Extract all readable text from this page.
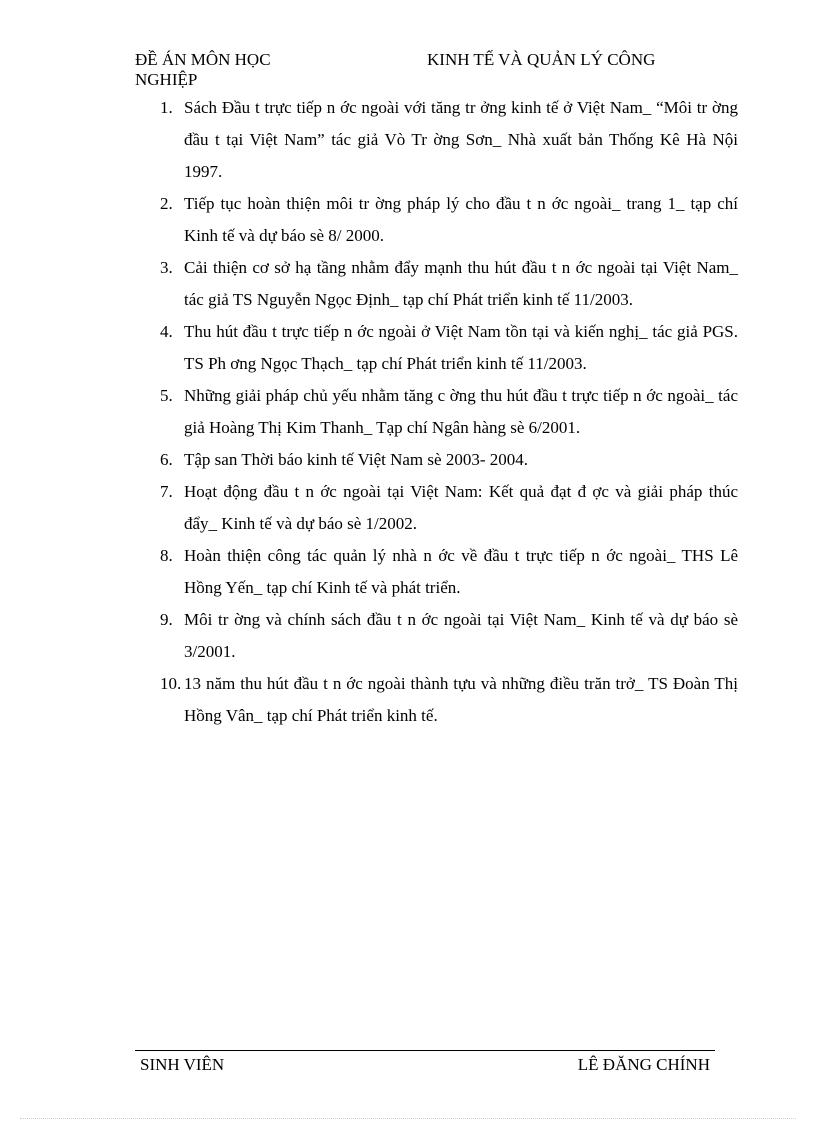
ĐỀ ÁN MÔN HỌC NGHIỆP
KINH TẾ VÀ QUẢN LÝ CÔNG
1. Sách Đầu t trực tiếp n ớc ngoài với tăng tr ởng kinh tế ở Việt Nam_ “Môi tr ờng đầu t tại Việt Nam” tác giả Vò Tr ờng Sơn_ Nhà xuất bản Thống Kê Hà Nội 1997.
2. Tiếp tục hoàn thiện môi tr ờng pháp lý cho đầu t n ớc ngoài_ trang 1_ tạp chí Kinh tế và dự báo sè 8/ 2000.
3. Cải thiện cơ sở hạ tầng nhằm đẩy mạnh thu hút đầu t n ớc ngoài tại Việt Nam_ tác giả TS Nguyễn Ngọc Định_ tạp chí Phát triển kinh tế 11/2003.
4. Thu hút đầu t trực tiếp n ớc ngoài ở Việt Nam tồn tại và kiến nghị_ tác giả PGS. TS Ph ơng Ngọc Thạch_ tạp chí Phát triển kinh tế 11/2003.
5. Những giải pháp chủ yếu nhằm tăng c ờng thu hút đầu t trực tiếp n ớc ngoài_ tác giả Hoàng Thị Kim Thanh_ Tạp chí Ngân hàng sè 6/2001.
6. Tập san Thời báo kinh tế Việt Nam sè 2003- 2004.
7. Hoạt động đầu t n ớc ngoài tại Việt Nam: Kết quả đạt đ ợc và giải pháp thúc đẩy_ Kinh tế và dự báo sè 1/2002.
8. Hoàn thiện công tác quản lý nhà n ớc về đầu t trực tiếp n ớc ngoài_ THS Lê Hồng Yến_ tạp chí Kinh tế và phát triển.
9. Môi tr ờng và chính sách đầu t n ớc ngoài tại Việt Nam_ Kinh tế và dự báo sè 3/2001.
10. 13 năm thu hút đầu t n ớc ngoài thành tựu và những điều trăn trở_ TS Đoàn Thị Hồng Vân_ tạp chí Phát triển kinh tế.
SINH VIÊN	LÊ ĐĂNG CHÍNH
